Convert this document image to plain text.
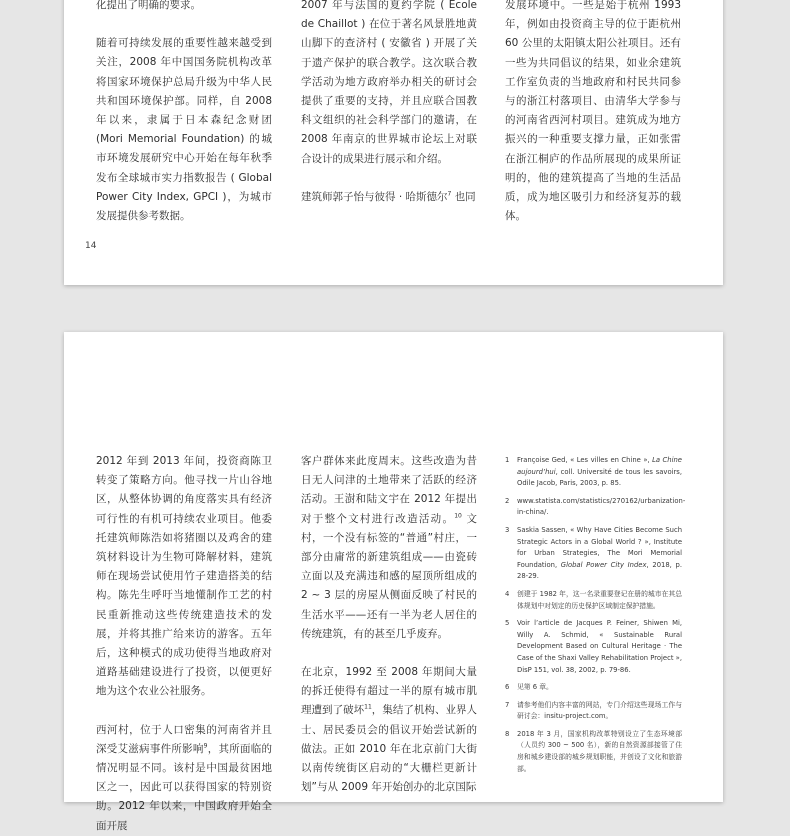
化提出了明确的要求。

随着可持续发展的重要性越来越受到关注，2008 年中国国务院机构改革将国家环境保护总局升级为中华人民共和国环境保护部。同样，自 2008 年以来，隶属于日本森纪念财团 (Mori Memorial Foundation) 的城市环境发展研究中心开始在每年秋季发布全球城市实力指数报告 ( Global Power City Index, GPCI )，为城市发展提供参考数据。

2007 年与法国的夏约学院 ( École de Chaillot ) 在位于著名风景胜地黄山脚下的查济村 ( 安徽省 ) 开展了关于遗产保护的联合教学。这次联合教学活动为地方政府举办相关的研讨会提供了重要的支持，并且应联合国教科文组织的社会科学部门的邀请，在 2008 年南京的世界城市论坛上对联合设计的成果进行展示和介绍。

建筑师郭子怡与彼得 · 哈斯德尔$^7$ 也同

发展环境中。一些是始于杭州 1993 年，例如由投资商主导的位于距杭州 60 公里的太阳镇太阳公社项目。还有一些为共同倡议的结果，如业余建筑工作室负责的当地政府和村民共同参与的浙江村落项目、由清华大学参与的河南省西河村项目。建筑成为地方振兴的一种重要支撑力量，正如张雷在浙江桐庐的作品所展现的成果所证明的，他的建筑提高了当地的生活品质，成为地区吸引力和经济复苏的载体。

14

2012 年到 2013 年间，投资商陈卫转变了策略方向。他寻找一片山谷地区，从整体协调的角度落实具有经济可行性的有机可持续农业项目。他委托建筑师陈浩如将猪圈以及鸡舍的建筑材料设计为生物可降解材料，建筑师在现场尝试使用竹子建造搭美的结构。陈先生呼吁当地懂制作工艺的村民重新推动这些传统建造技术的发展，并将其推广给来访的游客。五年后，这种模式的成功使得当地政府对道路基础建设进行了投资，以便更好地为这个农业公社服务。

西河村，位于人口密集的河南省并且深受艾滋病事件所影响$^9$，其所面临的情况明显不同。该村是中国最贫困地区之一，因此可以获得国家的特别资助。2012 年以来，中国政府开始全面开展

客户群体来此度周末。这些改造为昔日无人问津的土地带来了活跃的经济活动。王澍和陆文宇在 2012 年提出对于整个文村进行改造活动。$^{10}$ 文村，一个没有标签的“普通”村庄，一部分由庸常的新建筑组成——由瓷砖立面以及充满违和感的屋顶所组成的 2 ~ 3 层的房屋从侧面反映了村民的生活水平——还有一半为老人居住的传统建筑，有的甚至几乎废弃。

在北京，1992 至 2008 年期间大量的拆迁使得有超过一半的原有城市肌理遭到了破坏$^{11}$，集结了机构、业界人士、居民委员会的倡议开始尝试新的做法。正如 2010 年在北京前门大街以南传统街区启动的“大栅栏更新计划”与从 2009 年开始创办的北京国际

1	Françoise Ged, « Les villes en Chine », La Chine aujourd’hui, coll. Université de tous les savoirs, Odile Jacob, Paris, 2003, p. 85.
2	www.statista.com/statistics/270162/urbanization-in-china/.
3	Saskia Sassen, « Why Have Cities Become Such Strategic Actors in a Global World ? », Institute for Urban Strategies, The Mori Memorial Foundation, Global Power City Index, 2018, p. 28-29.
4	创建于 1982 年，这一名录重要登记在册的城市在其总体规划中对划定的历史保护区域制定保护措施。
5	Voir l’article de Jacques P. Feiner, Shiwen Mi, Willy A. Schmid, « Sustainable Rural Development Based on Cultural Heritage · The Case of the Shaxi Valley Rehabilitation Project », DisP 151, vol. 38, 2002, p. 79-86.
6	见第 6 章。
7	请参考他们内容丰富的网站，专门介绍这些现场工作与研讨会：insitu-project.com。
8	2018 年 3 月，国家机构改革特别设立了生态环境部（人员约 300 ~ 500 名），新的自然资源部接管了住房和城乡建设部的城乡规划职能，并创设了文化和旅游部。
